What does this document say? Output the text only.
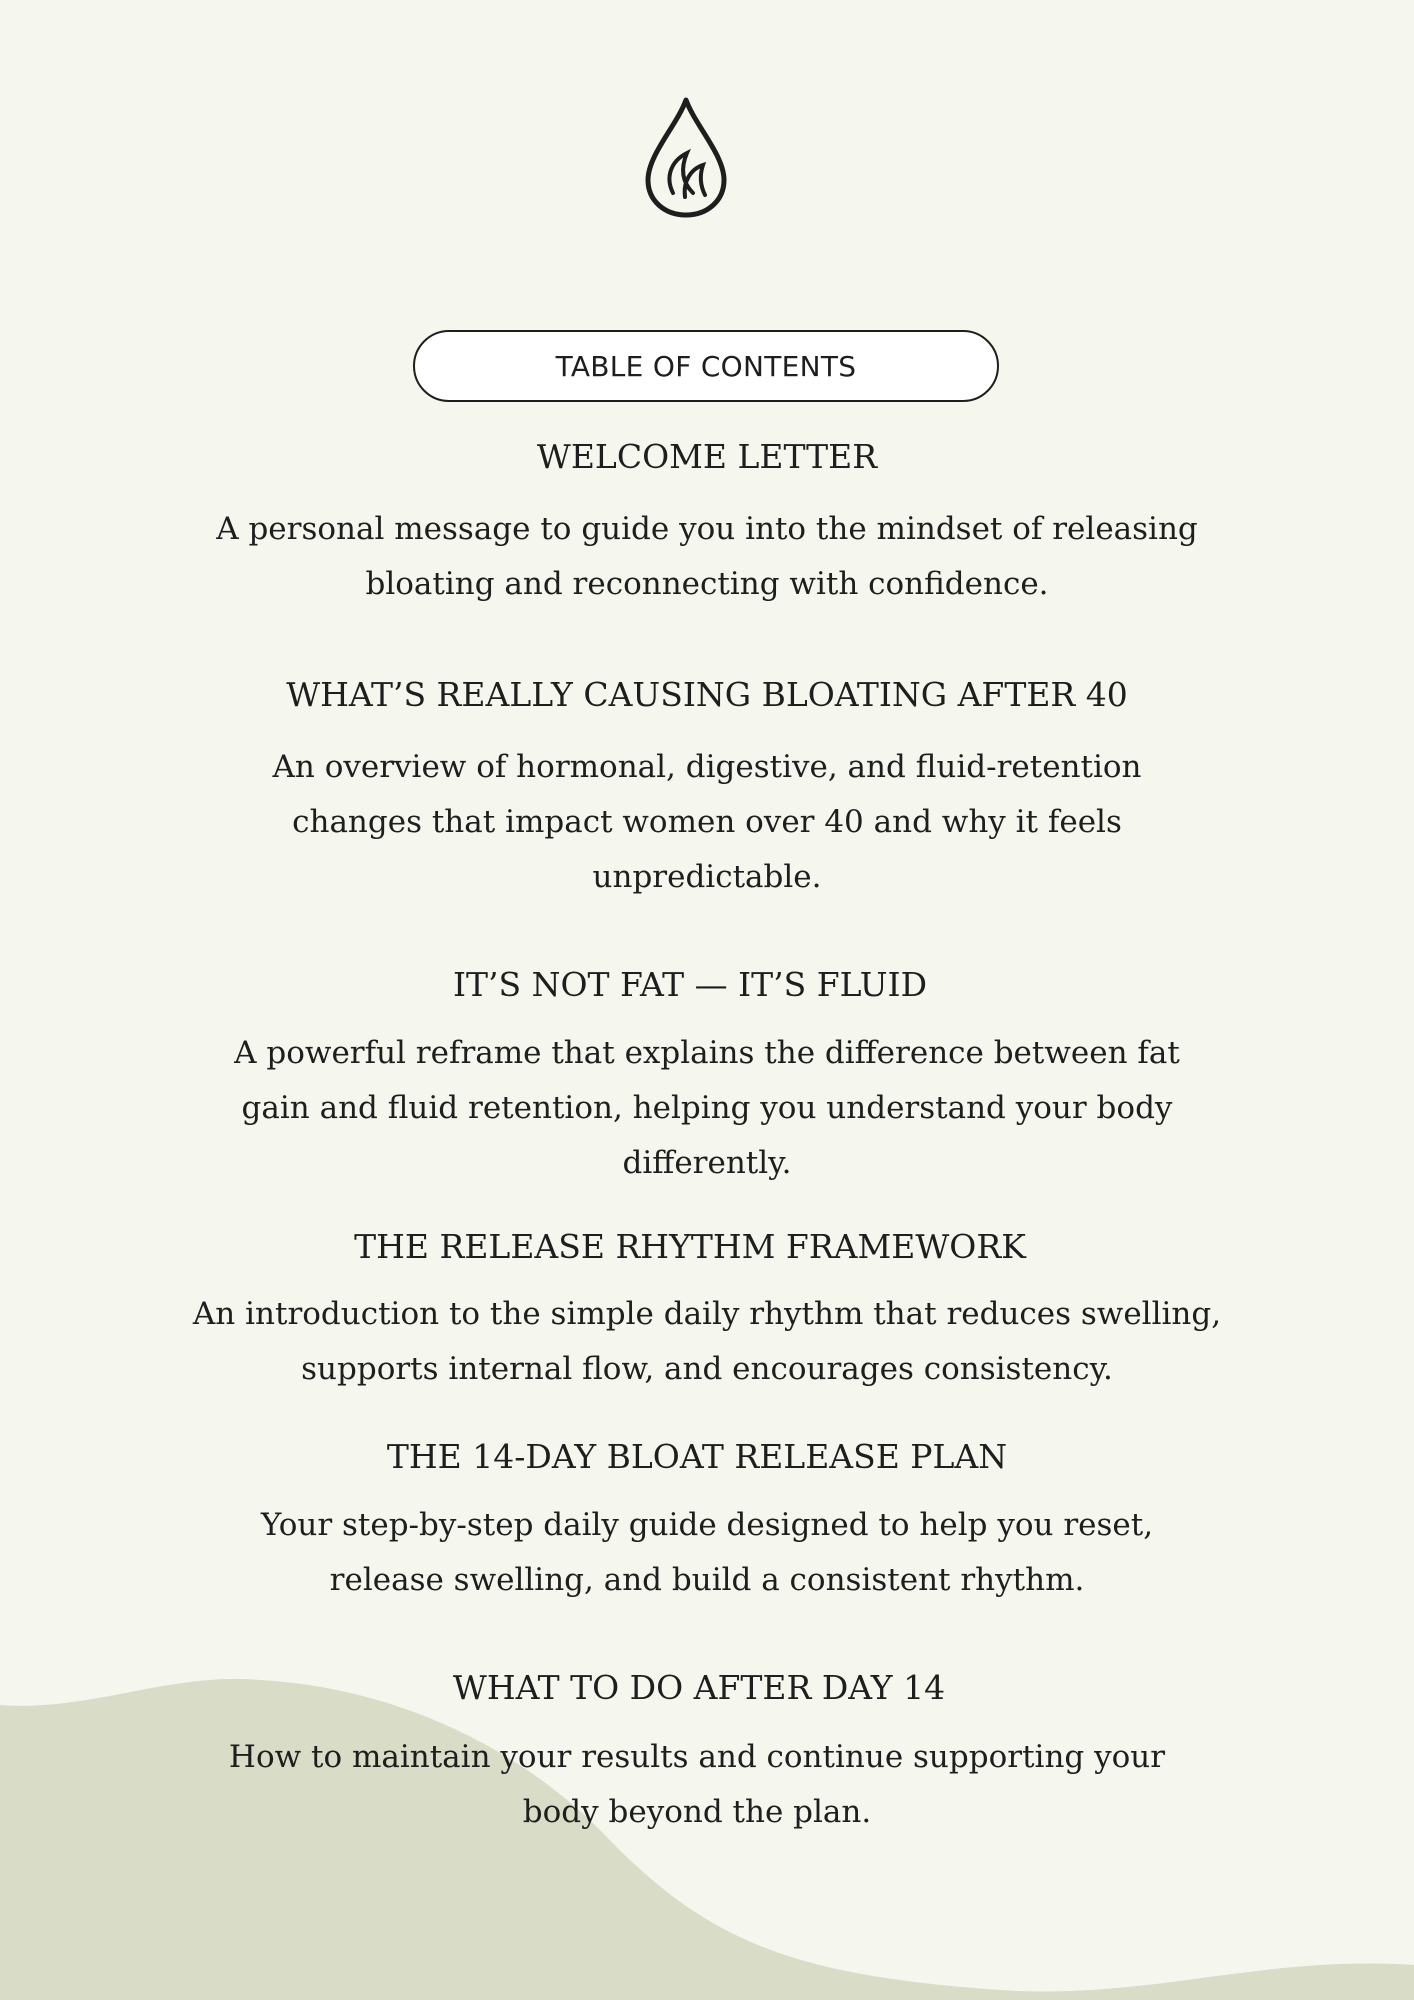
TABLE OF CONTENTS
WELCOME LETTER
A personal message to guide you into the mindset of releasing bloating and reconnecting with confidence.
WHAT’S REALLY CAUSING BLOATING AFTER 40
An overview of hormonal, digestive, and fluid-retention changes that impact women over 40 and why it feels unpredictable.
IT’S NOT FAT — IT’S FLUID
A powerful reframe that explains the difference between fat gain and fluid retention, helping you understand your body differently.
THE RELEASE RHYTHM FRAMEWORK
An introduction to the simple daily rhythm that reduces swelling, supports internal flow, and encourages consistency.
THE 14-DAY BLOAT RELEASE PLAN
Your step-by-step daily guide designed to help you reset, release swelling, and build a consistent rhythm.
WHAT TO DO AFTER DAY 14
How to maintain your results and continue supporting your body beyond the plan.
